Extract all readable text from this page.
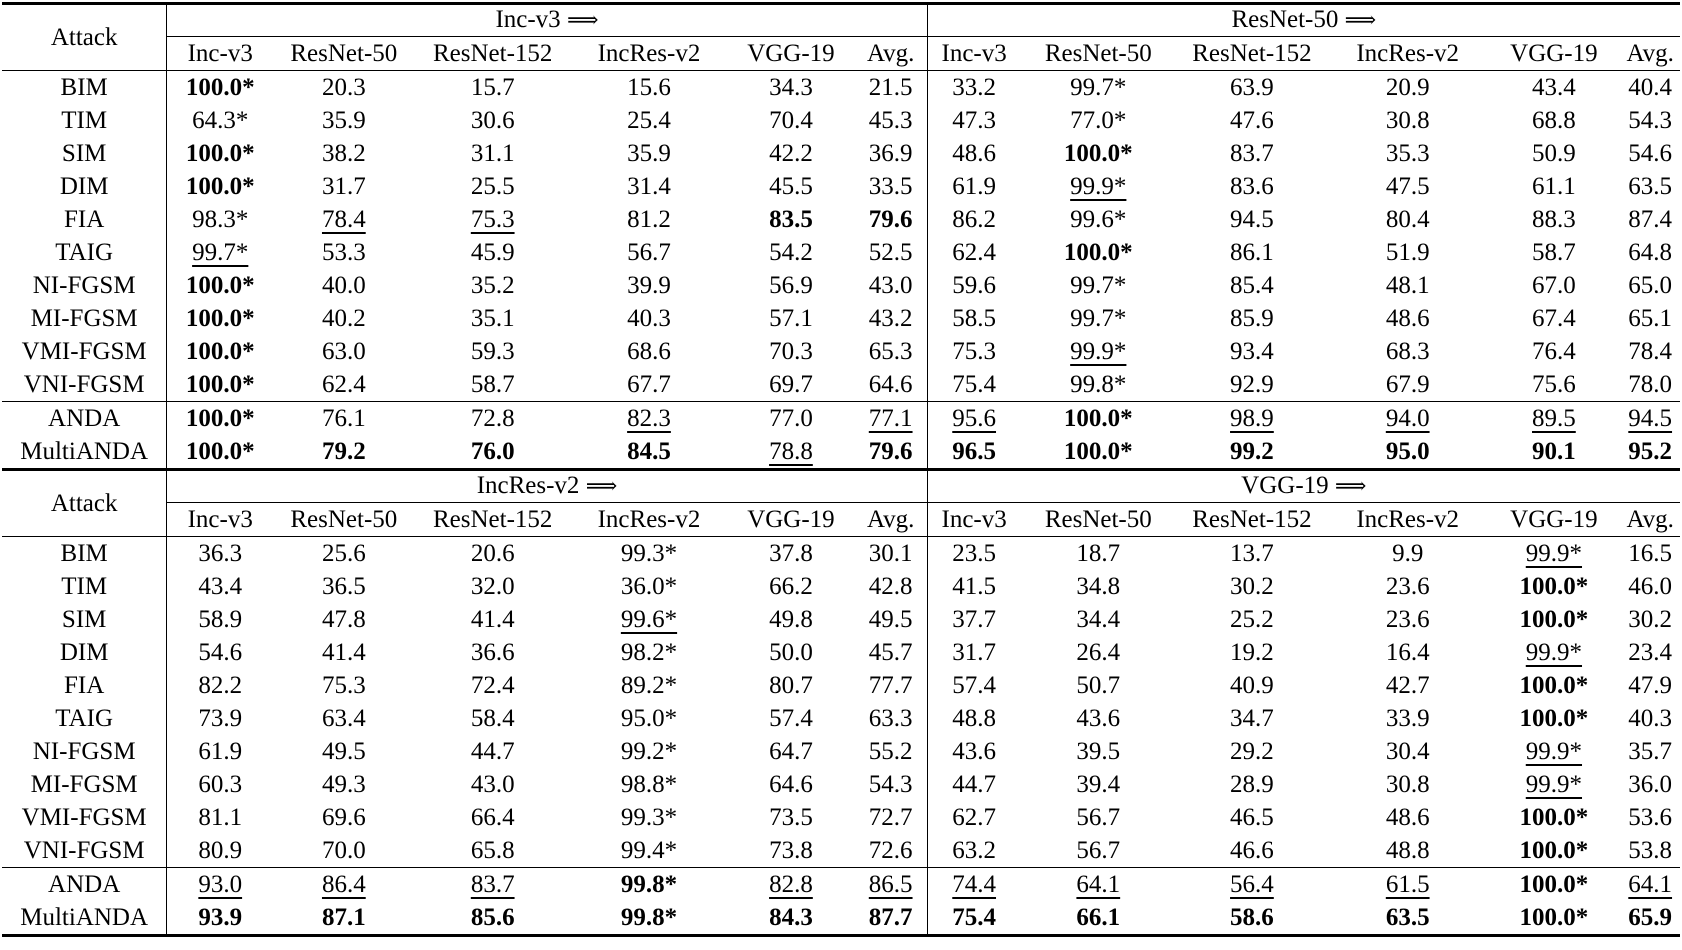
Attack	Inc-v3 ⟹						ResNet-50 ⟹					
	Inc-v3	ResNet-50	ResNet-152	IncRes-v2	VGG-19	Avg.	Inc-v3	ResNet-50	ResNet-152	IncRes-v2	VGG-19	Avg.
BIM	100.0*	20.3	15.7	15.6	34.3	21.5	33.2	99.7*	63.9	20.9	43.4	40.4
TIM	64.3*	35.9	30.6	25.4	70.4	45.3	47.3	77.0*	47.6	30.8	68.8	54.3
SIM	100.0*	38.2	31.1	35.9	42.2	36.9	48.6	100.0*	83.7	35.3	50.9	54.6
DIM	100.0*	31.7	25.5	31.4	45.5	33.5	61.9	99.9*	83.6	47.5	61.1	63.5
FIA	98.3*	78.4	75.3	81.2	83.5	79.6	86.2	99.6*	94.5	80.4	88.3	87.4
TAIG	99.7*	53.3	45.9	56.7	54.2	52.5	62.4	100.0*	86.1	51.9	58.7	64.8
NI-FGSM	100.0*	40.0	35.2	39.9	56.9	43.0	59.6	99.7*	85.4	48.1	67.0	65.0
MI-FGSM	100.0*	40.2	35.1	40.3	57.1	43.2	58.5	99.7*	85.9	48.6	67.4	65.1
VMI-FGSM	100.0*	63.0	59.3	68.6	70.3	65.3	75.3	99.9*	93.4	68.3	76.4	78.4
VNI-FGSM	100.0*	62.4	58.7	67.7	69.7	64.6	75.4	99.8*	92.9	67.9	75.6	78.0
ANDA	100.0*	76.1	72.8	82.3	77.0	77.1	95.6	100.0*	98.9	94.0	89.5	94.5
MultiANDA	100.0*	79.2	76.0	84.5	78.8	79.6	96.5	100.0*	99.2	95.0	90.1	95.2
Attack	IncRes-v2 ⟹						VGG-19 ⟹					
	Inc-v3	ResNet-50	ResNet-152	IncRes-v2	VGG-19	Avg.	Inc-v3	ResNet-50	ResNet-152	IncRes-v2	VGG-19	Avg.
BIM	36.3	25.6	20.6	99.3*	37.8	30.1	23.5	18.7	13.7	9.9	99.9*	16.5
TIM	43.4	36.5	32.0	36.0*	66.2	42.8	41.5	34.8	30.2	23.6	100.0*	46.0
SIM	58.9	47.8	41.4	99.6*	49.8	49.5	37.7	34.4	25.2	23.6	100.0*	30.2
DIM	54.6	41.4	36.6	98.2*	50.0	45.7	31.7	26.4	19.2	16.4	99.9*	23.4
FIA	82.2	75.3	72.4	89.2*	80.7	77.7	57.4	50.7	40.9	42.7	100.0*	47.9
TAIG	73.9	63.4	58.4	95.0*	57.4	63.3	48.8	43.6	34.7	33.9	100.0*	40.3
NI-FGSM	61.9	49.5	44.7	99.2*	64.7	55.2	43.6	39.5	29.2	30.4	99.9*	35.7
MI-FGSM	60.3	49.3	43.0	98.8*	64.6	54.3	44.7	39.4	28.9	30.8	99.9*	36.0
VMI-FGSM	81.1	69.6	66.4	99.3*	73.5	72.7	62.7	56.7	46.5	48.6	100.0*	53.6
VNI-FGSM	80.9	70.0	65.8	99.4*	73.8	72.6	63.2	56.7	46.6	48.8	100.0*	53.8
ANDA	93.0	86.4	83.7	99.8*	82.8	86.5	74.4	64.1	56.4	61.5	100.0*	64.1
MultiANDA	93.9	87.1	85.6	99.8*	84.3	87.7	75.4	66.1	58.6	63.5	100.0*	65.9
